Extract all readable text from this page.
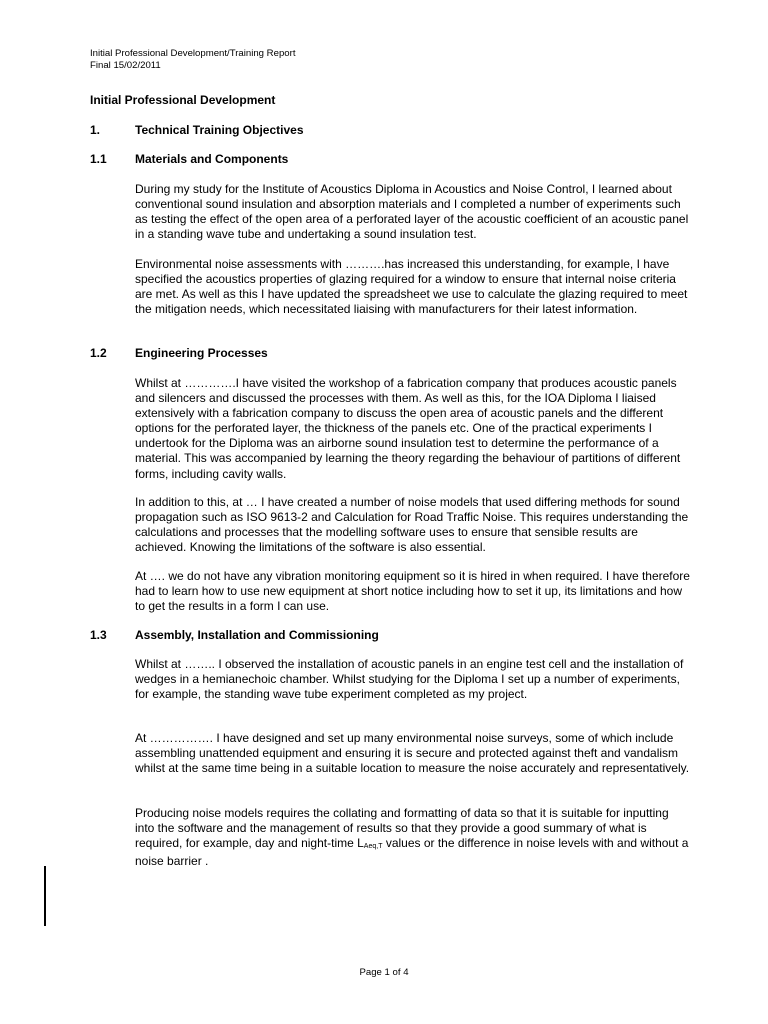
Initial Professional Development/Training Report
Final 15/02/2011
Initial Professional Development
1.	Technical Training Objectives
1.1 Materials and Components

During my study for the Institute of Acoustics Diploma in Acoustics and Noise Control, I learned about conventional sound insulation and absorption materials and I completed a number of experiments such as testing the effect of the open area of a perforated layer of the acoustic coefficient of an acoustic panel in a standing wave tube and undertaking a sound insulation test.

Environmental noise assessments with ……….has increased this understanding, for example, I have specified the acoustics properties of glazing required for a window to ensure that internal noise criteria are met. As well as this I have updated the spreadsheet we use to calculate the glazing required to meet the mitigation needs, which necessitated liaising with manufacturers for their latest information.

1.2 Engineering Processes

Whilst at ………….I have visited the workshop of a fabrication company that produces acoustic panels and silencers and discussed the processes with them. As well as this, for the IOA Diploma I liaised extensively with a fabrication company to discuss the open area of acoustic panels and the different options for the perforated layer, the thickness of the panels etc. One of the practical experiments I undertook for the Diploma was an airborne sound insulation test to determine the performance of a material. This was accompanied by learning the theory regarding the behaviour of partitions of different forms, including cavity walls.

In addition to this, at … I have created a number of noise models that used differing methods for sound propagation such as ISO 9613-2 and Calculation for Road Traffic Noise. This requires understanding the calculations and processes that the modelling software uses to ensure that sensible results are achieved. Knowing the limitations of the software is also essential.

At …. we do not have any vibration monitoring equipment so it is hired in when required. I have therefore had to learn how to use new equipment at short notice including how to set it up, its limitations and how to get the results in a form I can use.

1.3 Assembly, Installation and Commissioning

Whilst at …….. I observed the installation of acoustic panels in an engine test cell and the installation of wedges in a hemianechoic chamber. Whilst studying for the Diploma I set up a number of experiments, for example, the standing wave tube experiment completed as my project.

At ……………. I have designed and set up many environmental noise surveys, some of which include assembling unattended equipment and ensuring it is secure and protected against theft and vandalism whilst at the same time being in a suitable location to measure the noise accurately and representatively.

Producing noise models requires the collating and formatting of data so that it is suitable for inputting into the software and the management of results so that they provide a good summary of what is required, for example, day and night-time LAeq,T values or the difference in noise levels with and without a noise barrier .

Page 1 of 4
